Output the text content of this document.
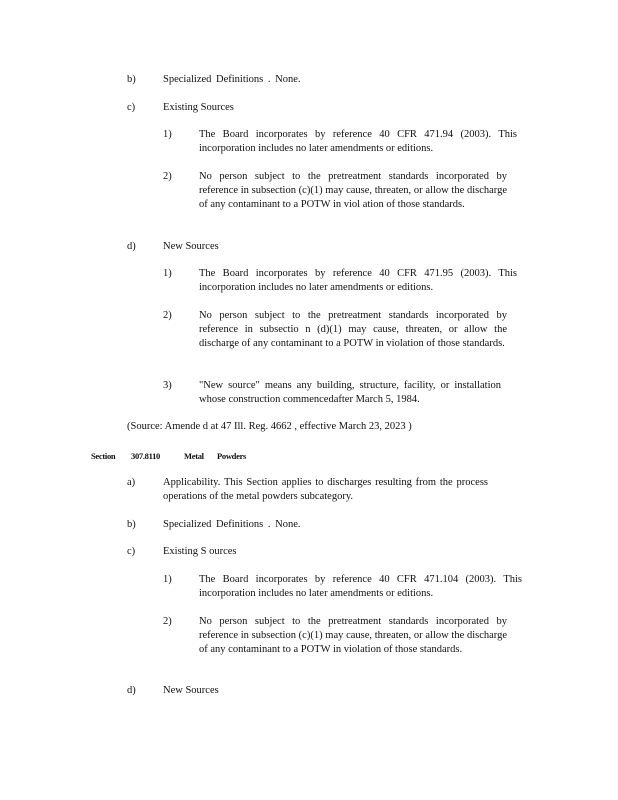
b)	Specialized Definitions . None.
c)	Existing Sources
1)	The Board incorporates by reference 40 CFR 471.94 (2003). This incorporation includes no later amendments or editions.
2)	No person subject to the pretreatment standards incorporated by reference in subsection (c)(1) may cause, threaten, or allow the discharge of any contaminant to a POTW in viol ation of those standards.
d)	New Sources
1)	The Board incorporates by reference 40 CFR 471.95 (2003). This incorporation includes no later amendments or editions.
2)	No person subject to the pretreatment standards incorporated by reference in subsectio n (d)(1) may cause, threaten, or allow the discharge of any contaminant to a POTW in violation of those standards.
3)	"New source" means any building, structure, facility, or installation whose construction commencedafter March 5, 1984.
(Source: Amende d at 47 Ill. Reg. 4662 , effective March 23, 2023 )
Section 307.8110	Metal Powders
a)	Applicability. This Section applies to discharges resulting from the process operations of the metal powders subcategory.
b)	Specialized Definitions . None.
c)	Existing S ources
1)	The Board incorporates by reference 40 CFR 471.104 (2003). This incorporation includes no later amendments or editions.
2)	No person subject to the pretreatment standards incorporated by reference in subsection (c)(1) may cause, threaten, or allow the discharge of any contaminant to a POTW in violation of those standards.
d)	New Sources
